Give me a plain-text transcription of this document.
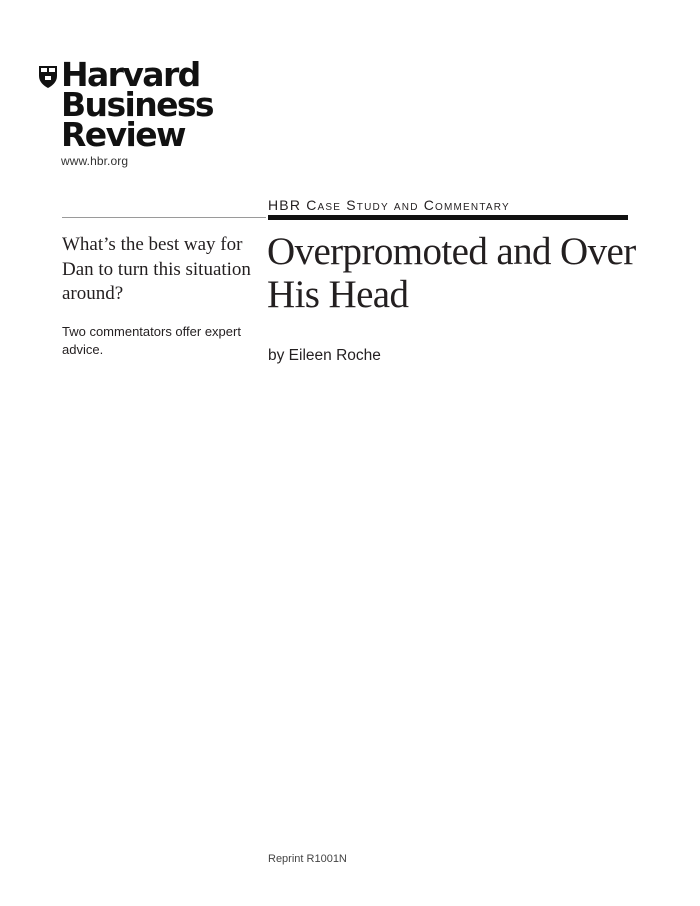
Harvard
Business
Review
www.hbr.org
HBR Case Study and Commentary
What’s the best way for Dan to turn this situation around?
Two commentators offer expert advice.
Overpromoted and Over His Head
by Eileen Roche
Reprint R1001N
